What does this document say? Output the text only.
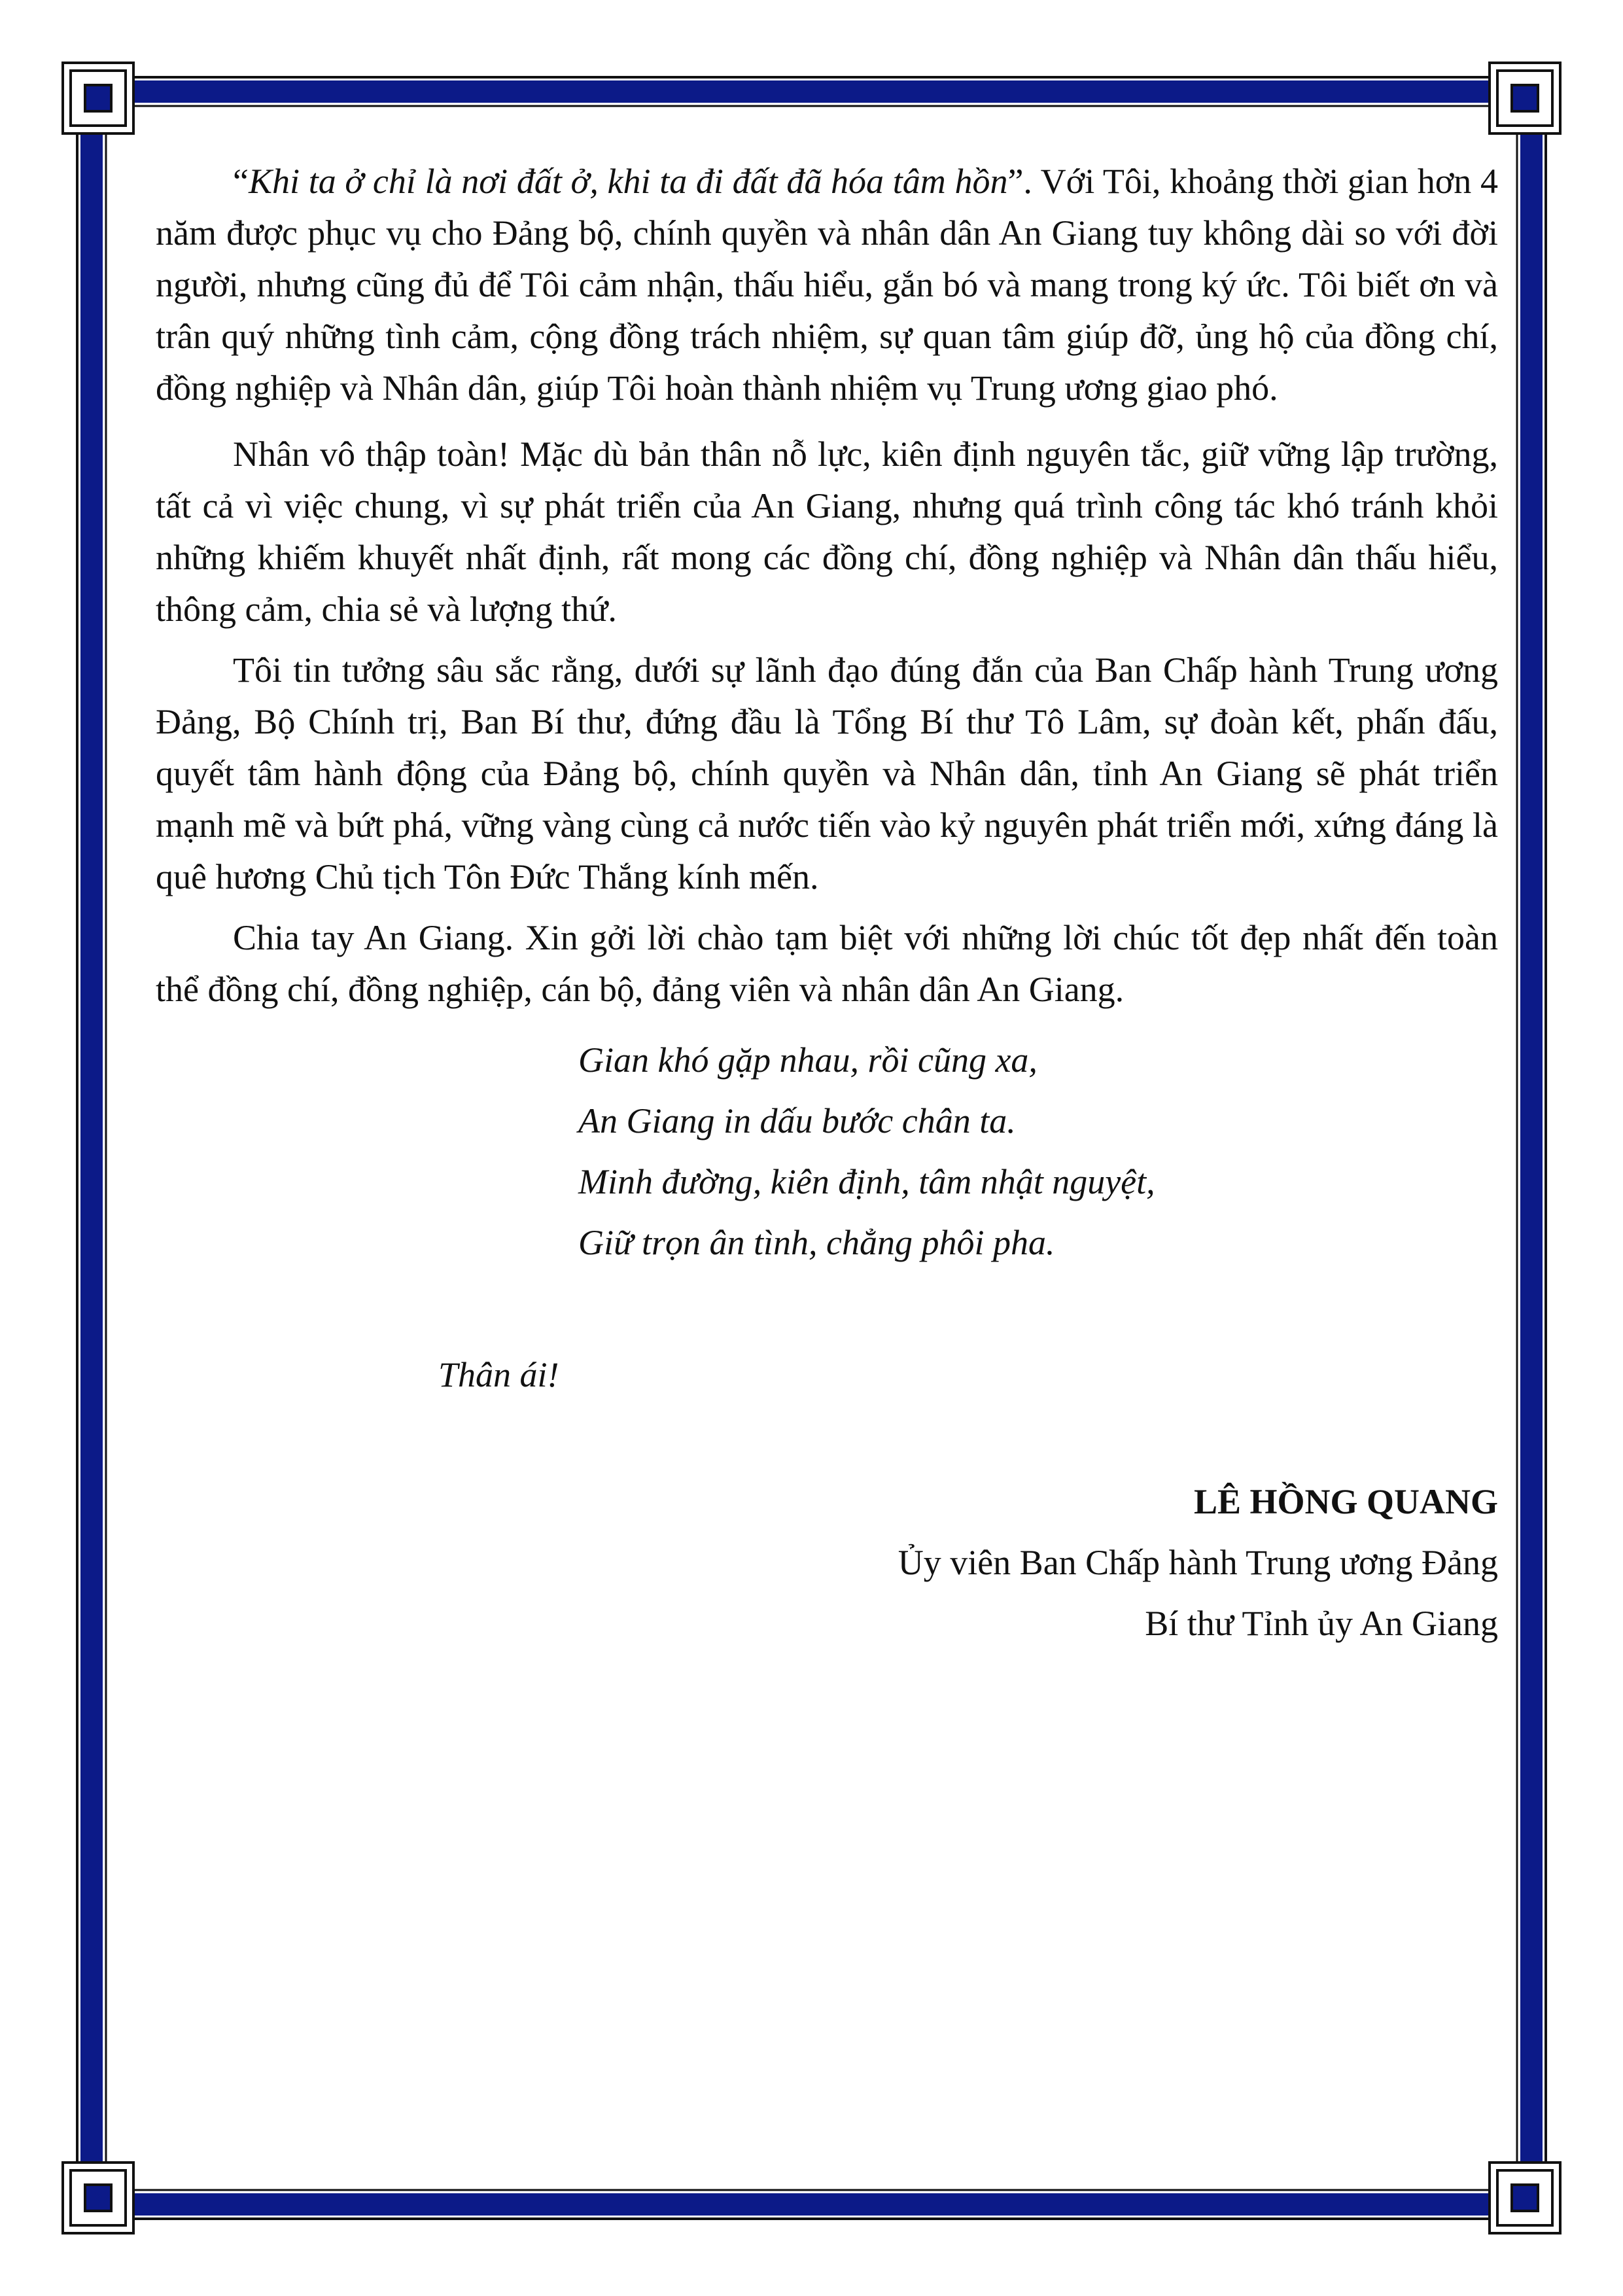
“Khi ta ở chỉ là nơi đất ở, khi ta đi đất đã hóa tâm hồn”. Với Tôi, khoảng thời gian hơn 4 năm được phục vụ cho Đảng bộ, chính quyền và nhân dân An Giang tuy không dài so với đời người, nhưng cũng đủ để Tôi cảm nhận, thấu hiểu, gắn bó và mang trong ký ức. Tôi biết ơn và trân quý những tình cảm, cộng đồng trách nhiệm, sự quan tâm giúp đỡ, ủng hộ của đồng chí, đồng nghiệp và Nhân dân, giúp Tôi hoàn thành nhiệm vụ Trung ương giao phó.

Nhân vô thập toàn! Mặc dù bản thân nỗ lực, kiên định nguyên tắc, giữ vững lập trường, tất cả vì việc chung, vì sự phát triển của An Giang, nhưng quá trình công tác khó tránh khỏi những khiếm khuyết nhất định, rất mong các đồng chí, đồng nghiệp và Nhân dân thấu hiểu, thông cảm, chia sẻ và lượng thứ.

Tôi tin tưởng sâu sắc rằng, dưới sự lãnh đạo đúng đắn của Ban Chấp hành Trung ương Đảng, Bộ Chính trị, Ban Bí thư, đứng đầu là Tổng Bí thư Tô Lâm, sự đoàn kết, phấn đấu, quyết tâm hành động của Đảng bộ, chính quyền và Nhân dân, tỉnh An Giang sẽ phát triển mạnh mẽ và bứt phá, vững vàng cùng cả nước tiến vào kỷ nguyên phát triển mới, xứng đáng là quê hương Chủ tịch Tôn Đức Thắng kính mến.

Chia tay An Giang. Xin gởi lời chào tạm biệt với những lời chúc tốt đẹp nhất đến toàn thể đồng chí, đồng nghiệp, cán bộ, đảng viên và nhân dân An Giang.

Gian khó gặp nhau, rồi cũng xa,
An Giang in dấu bước chân ta.
Minh đường, kiên định, tâm nhật nguyệt,
Giữ trọn ân tình, chẳng phôi pha.

Thân ái!

LÊ HỒNG QUANG
Ủy viên Ban Chấp hành Trung ương Đảng
Bí thư Tỉnh ủy An Giang
